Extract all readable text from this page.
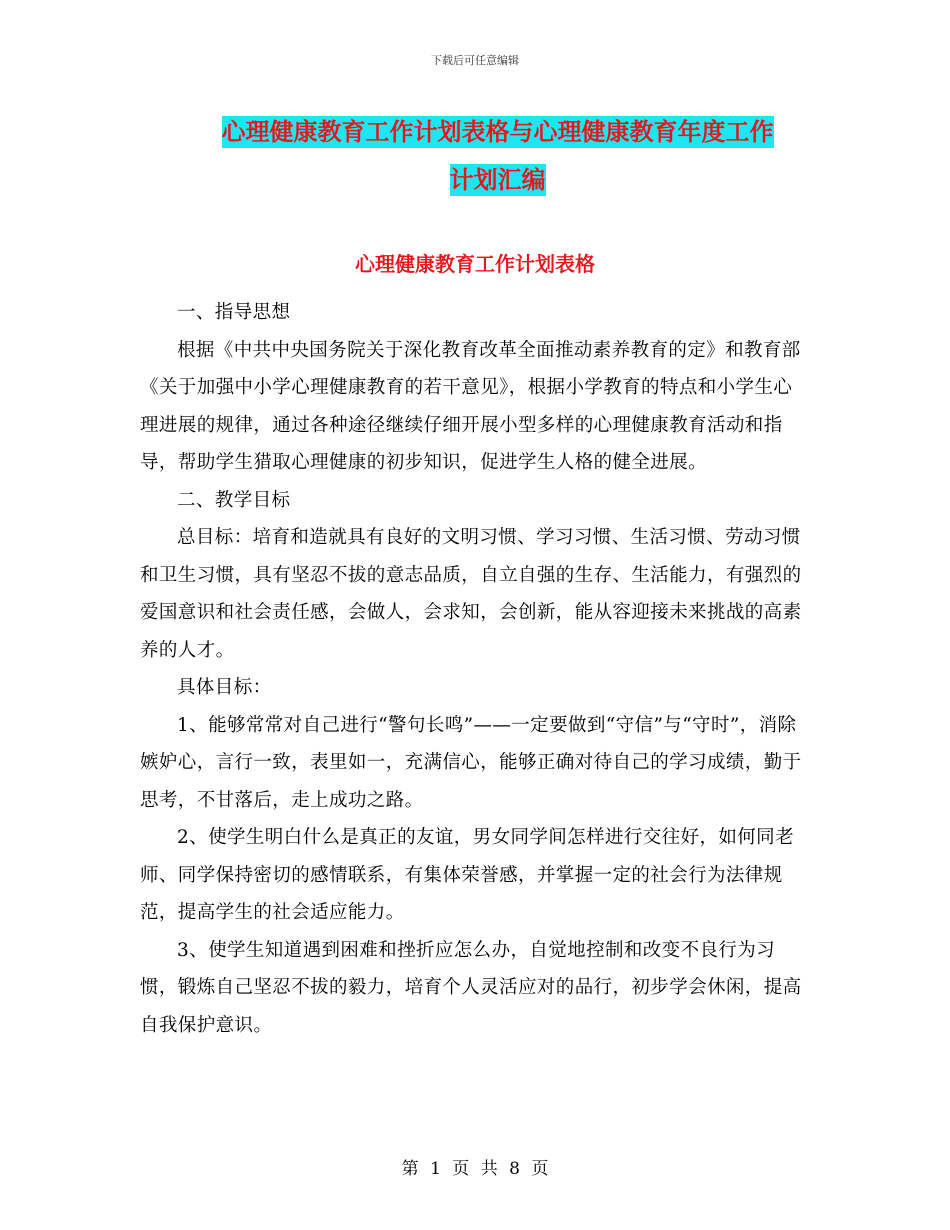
下载后可任意编辑
心理健康教育工作计划表格与心理健康教育年度工作
计划汇编
心理健康教育工作计划表格

一、指导思想

根据《中共中央国务院关于深化教育改革全面推动素养教育的定》和教育部《关于加强中小学心理健康教育的若干意见》，根据小学教育的特点和小学生心理进展的规律，通过各种途径继续仔细开展小型多样的心理健康教育活动和指导，帮助学生猎取心理健康的初步知识，促进学生人格的健全进展。

二、教学目标

总目标：培育和造就具有良好的文明习惯、学习习惯、生活习惯、劳动习惯和卫生习惯，具有坚忍不拔的意志品质，自立自强的生存、生活能力，有强烈的爱国意识和社会责任感，会做人，会求知，会创新，能从容迎接未来挑战的高素养的人才。

具体目标：

1、能够常常对自己进行“警句长鸣”——一定要做到“守信”与“守时”，消除嫉妒心，言行一致，表里如一，充满信心，能够正确对待自己的学习成绩，勤于思考，不甘落后，走上成功之路。

2、使学生明白什么是真正的友谊，男女同学间怎样进行交往好，如何同老师、同学保持密切的感情联系，有集体荣誉感，并掌握一定的社会行为法律规范，提高学生的社会适应能力。

3、使学生知道遇到困难和挫折应怎么办，自觉地控制和改变不良行为习惯，锻炼自己坚忍不拔的毅力，培育个人灵活应对的品行，初步学会休闲，提高自我保护意识。

第 1 页 共 8 页
